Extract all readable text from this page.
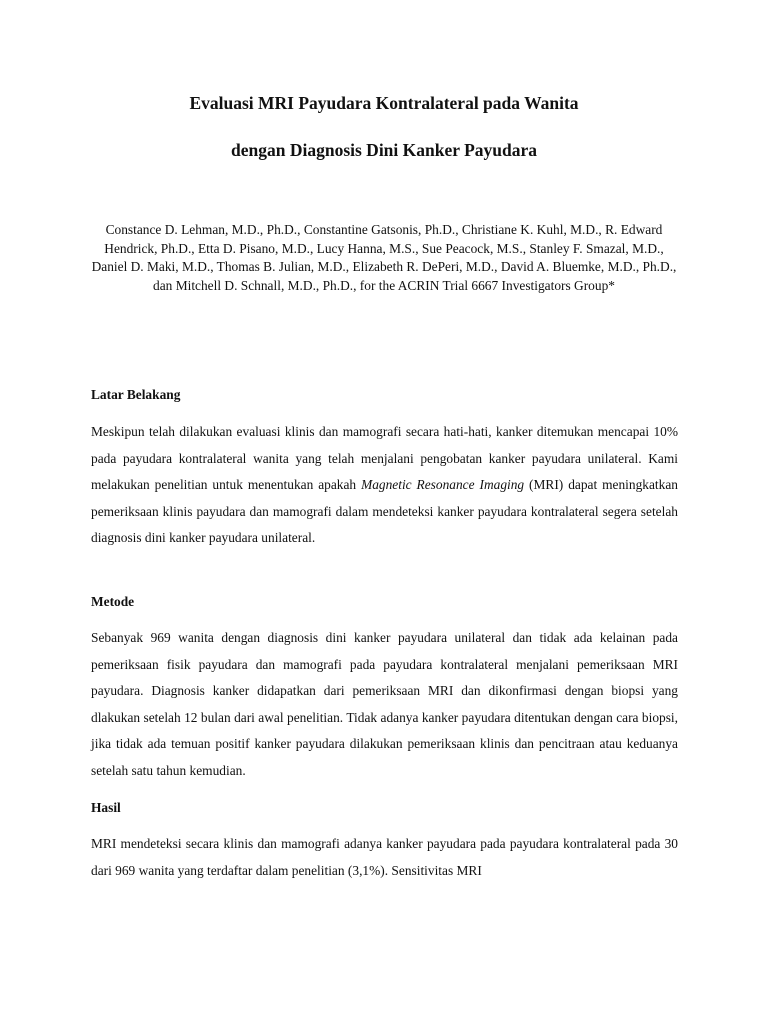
Evaluasi MRI Payudara Kontralateral pada Wanita
dengan Diagnosis Dini Kanker Payudara

Constance D. Lehman, M.D., Ph.D., Constantine Gatsonis, Ph.D., Christiane K. Kuhl, M.D., R. Edward Hendrick, Ph.D., Etta D. Pisano, M.D., Lucy Hanna, M.S., Sue Peacock, M.S., Stanley F. Smazal, M.D., Daniel D. Maki, M.D., Thomas B. Julian, M.D., Elizabeth R. DePeri, M.D., David A. Bluemke, M.D., Ph.D., dan Mitchell D. Schnall, M.D., Ph.D., for the ACRIN Trial 6667 Investigators Group*

Latar Belakang

Meskipun telah dilakukan evaluasi klinis dan mamografi secara hati-hati, kanker ditemukan mencapai 10% pada payudara kontralateral wanita yang telah menjalani pengobatan kanker payudara unilateral. Kami melakukan penelitian untuk menentukan apakah Magnetic Resonance Imaging (MRI) dapat meningkatkan pemeriksaan klinis payudara dan mamografi dalam mendeteksi kanker payudara kontralateral segera setelah diagnosis dini kanker payudara unilateral.

Metode

Sebanyak 969 wanita dengan diagnosis dini kanker payudara unilateral dan tidak ada kelainan pada pemeriksaan fisik payudara dan mamografi pada payudara kontralateral menjalani pemeriksaan MRI payudara. Diagnosis kanker didapatkan dari pemeriksaan MRI dan dikonfirmasi dengan biopsi yang dlakukan setelah 12 bulan dari awal penelitian. Tidak adanya kanker payudara ditentukan dengan cara biopsi, jika tidak ada temuan positif kanker payudara dilakukan pemeriksaan klinis dan pencitraan atau keduanya setelah satu tahun kemudian.

Hasil

MRI mendeteksi secara klinis dan mamografi adanya kanker payudara pada payudara kontralateral pada 30 dari 969 wanita yang terdaftar dalam penelitian (3,1%). Sensitivitas MRI
